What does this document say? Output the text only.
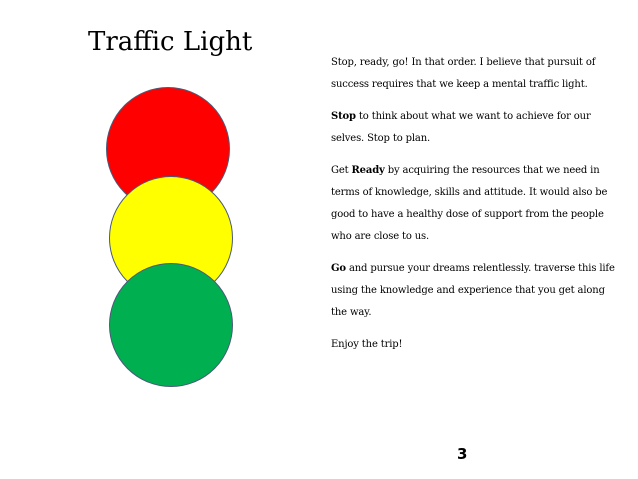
Traffic Light

Stop, ready, go! In that order. I believe that pursuit of success requires that we keep a mental traffic light.

Stop to think about what we want to achieve for our selves. Stop to plan.

Get Ready by acquiring the resources that we need in terms of knowledge, skills and attitude. It would also be good to have a healthy dose of support from the people who are close to us.

Go and pursue your dreams relentlessly. traverse this life using the knowledge and experience that you get along the way.

Enjoy the trip!

3
